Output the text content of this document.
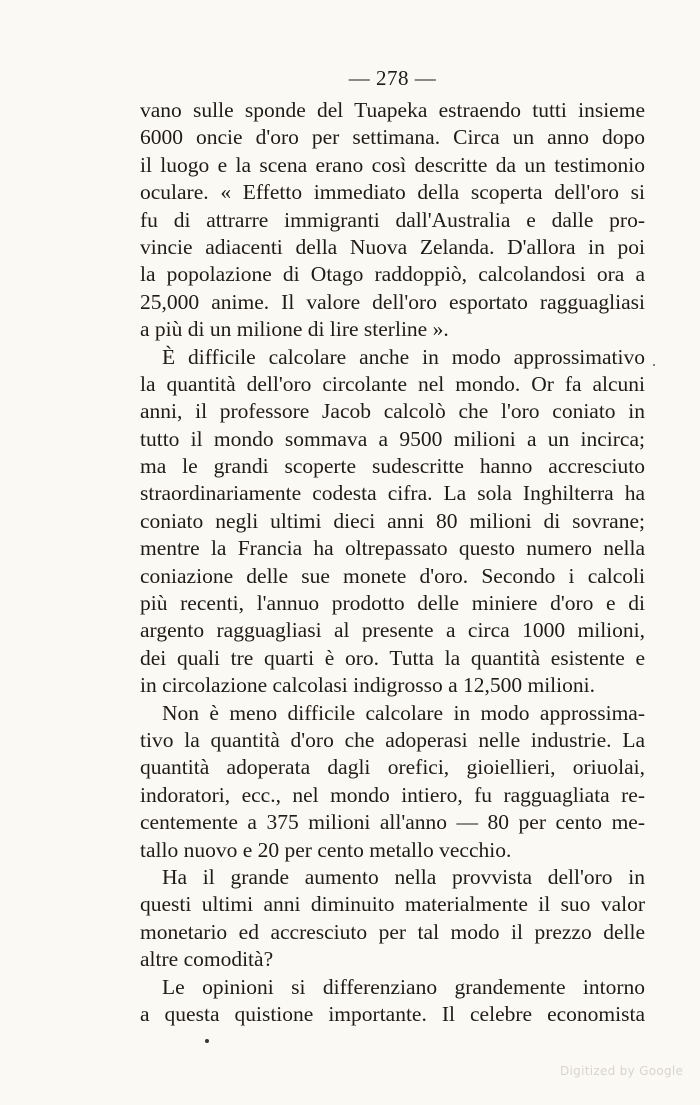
— 278 —
vano sulle sponde del Tuapeka estraendo tutti insieme
6000 oncie d'oro per settimana. Circa un anno dopo
il luogo e la scena erano così descritte da un testimonio
oculare. « Effetto immediato della scoperta dell'oro si
fu di attrarre immigranti dall'Australia e dalle pro-
vincie adiacenti della Nuova Zelanda. D'allora in poi
la popolazione di Otago raddoppiò, calcolandosi ora a
25,000 anime. Il valore dell'oro esportato ragguagliasi
a più di un milione di lire sterline ».
È difficile calcolare anche in modo approssimativo
la quantità dell'oro circolante nel mondo. Or fa alcuni
anni, il professore Jacob calcolò che l'oro coniato in
tutto il mondo sommava a 9500 milioni a un incirca;
ma le grandi scoperte sudescritte hanno accresciuto
straordinariamente codesta cifra. La sola Inghilterra ha
coniato negli ultimi dieci anni 80 milioni di sovrane;
mentre la Francia ha oltrepassato questo numero nella
coniazione delle sue monete d'oro. Secondo i calcoli
più recenti, l'annuo prodotto delle miniere d'oro e di
argento ragguagliasi al presente a circa 1000 milioni,
dei quali tre quarti è oro. Tutta la quantità esistente e
in circolazione calcolasi indigrosso a 12,500 milioni.
Non è meno difficile calcolare in modo approssima-
tivo la quantità d'oro che adoperasi nelle industrie. La
quantità adoperata dagli orefici, gioiellieri, oriuolai,
indoratori, ecc., nel mondo intiero, fu ragguagliata re-
centemente a 375 milioni all'anno — 80 per cento me-
tallo nuovo e 20 per cento metallo vecchio.
Ha il grande aumento nella provvista dell'oro in
questi ultimi anni diminuito materialmente il suo valor
monetario ed accresciuto per tal modo il prezzo delle
altre comodità?
Le opinioni si differenziano grandemente intorno
a questa quistione importante. Il celebre economista
Digitized by Google
